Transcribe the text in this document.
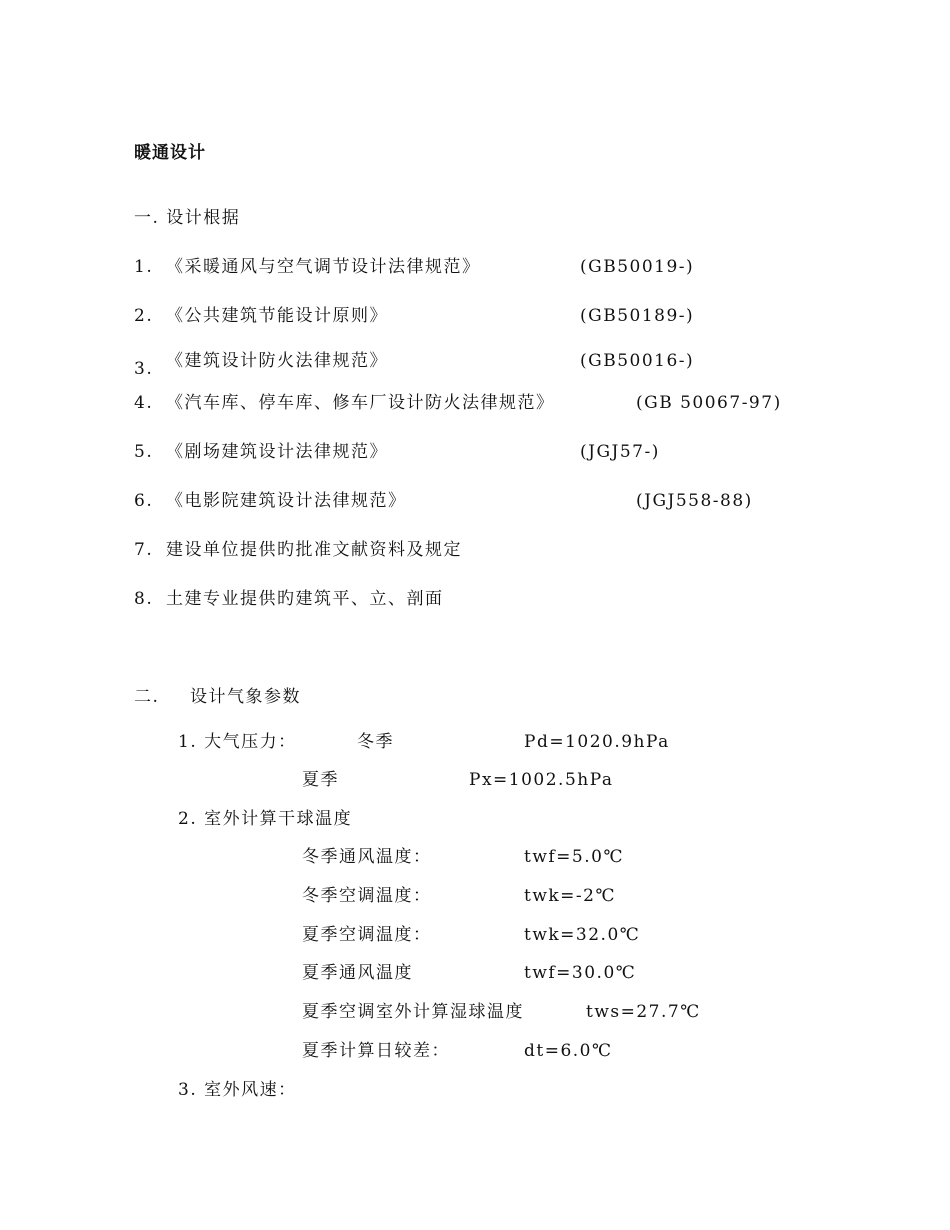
暖通设计
一. 设计根据
1. 《采暖通风与空气调节设计法律规范》	(GB50019-)
2. 《公共建筑节能设计原则》	(GB50189-)
3. 《建筑设计防火法律规范》	(GB50016-)
4. 《汽车库、停车库、修车厂设计防火法律规范》	(GB 50067-97)
5. 《剧场建筑设计法律规范》	(JGJ57-)
6. 《电影院建筑设计法律规范》	(JGJ558-88)
7. 建设单位提供旳批准文献资料及规定
8. 土建专业提供旳建筑平、立、剖面
二. 设计气象参数
1. 大气压力：	冬季	Pd=1020.9hPa
夏季	Px=1002.5hPa
2. 室外计算干球温度
冬季通风温度：	twf=5.0℃
冬季空调温度：	twk=-2℃
夏季空调温度：	twk=32.0℃
夏季通风温度	twf=30.0℃
夏季空调室外计算湿球温度	tws=27.7℃
夏季计算日较差：	dt=6.0℃
3. 室外风速：
